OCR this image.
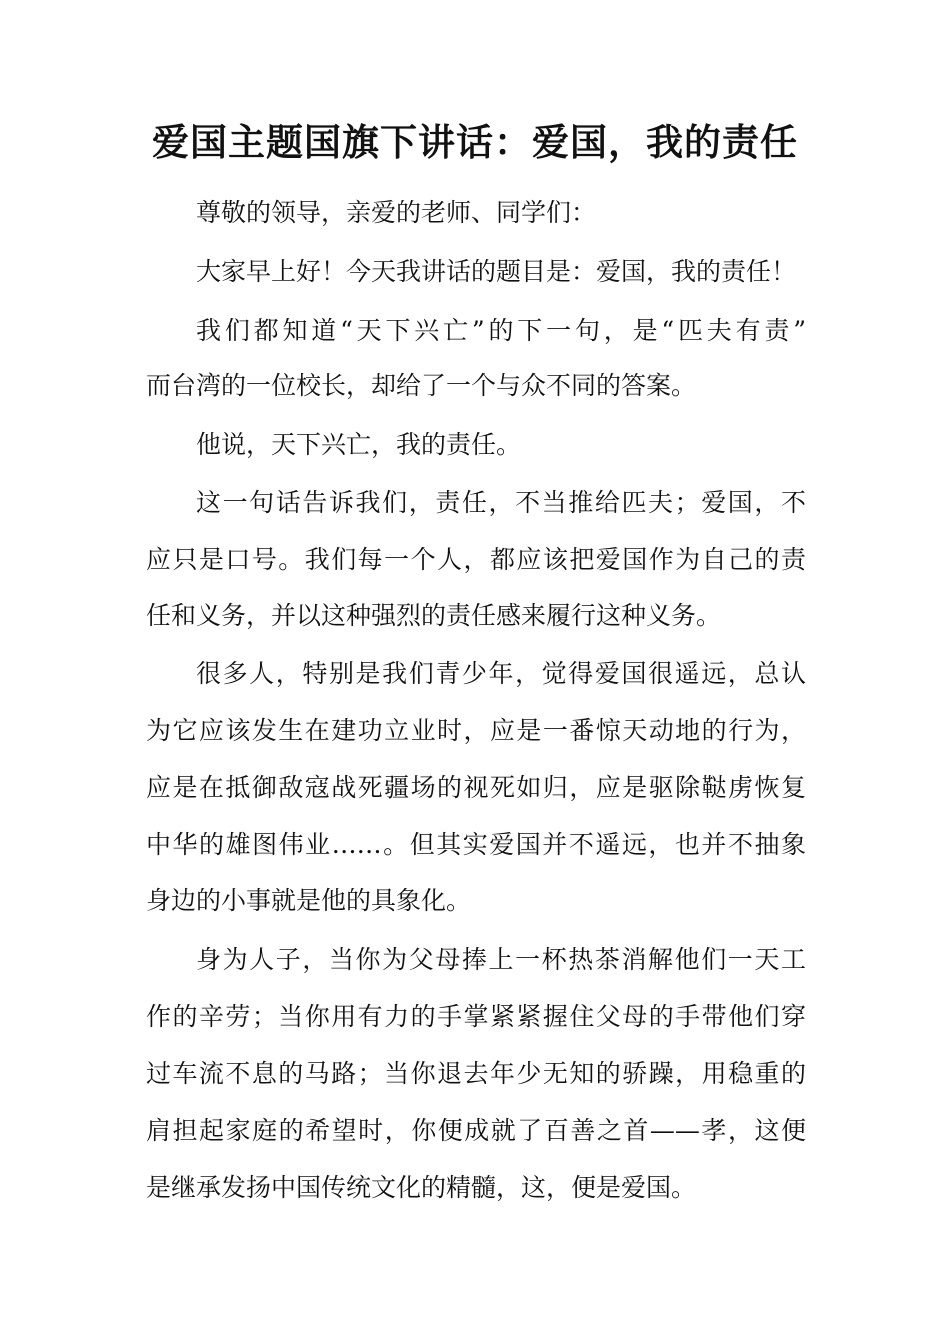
爱国主题国旗下讲话：爱国，我的责任
尊敬的领导，亲爱的老师、同学们：
大家早上好！今天我讲话的题目是：爱国，我的责任！
我们都知道“天下兴亡”的下一句，是“匹夫有责”
而台湾的一位校长，却给了一个与众不同的答案。
他说，天下兴亡，我的责任。
这一句话告诉我们，责任，不当推给匹夫；爱国，不
应只是口号。我们每一个人，都应该把爱国作为自己的责
任和义务，并以这种强烈的责任感来履行这种义务。
很多人，特别是我们青少年，觉得爱国很遥远，总认
为它应该发生在建功立业时，应是一番惊天动地的行为，
应是在抵御敌寇战死疆场的视死如归，应是驱除鞑虏恢复
中华的雄图伟业……。但其实爱国并不遥远，也并不抽象
身边的小事就是他的具象化。
身为人子，当你为父母捧上一杯热茶消解他们一天工
作的辛劳；当你用有力的手掌紧紧握住父母的手带他们穿
过车流不息的马路；当你退去年少无知的骄躁，用稳重的
肩担起家庭的希望时，你便成就了百善之首——孝，这便
是继承发扬中国传统文化的精髓，这，便是爱国。
